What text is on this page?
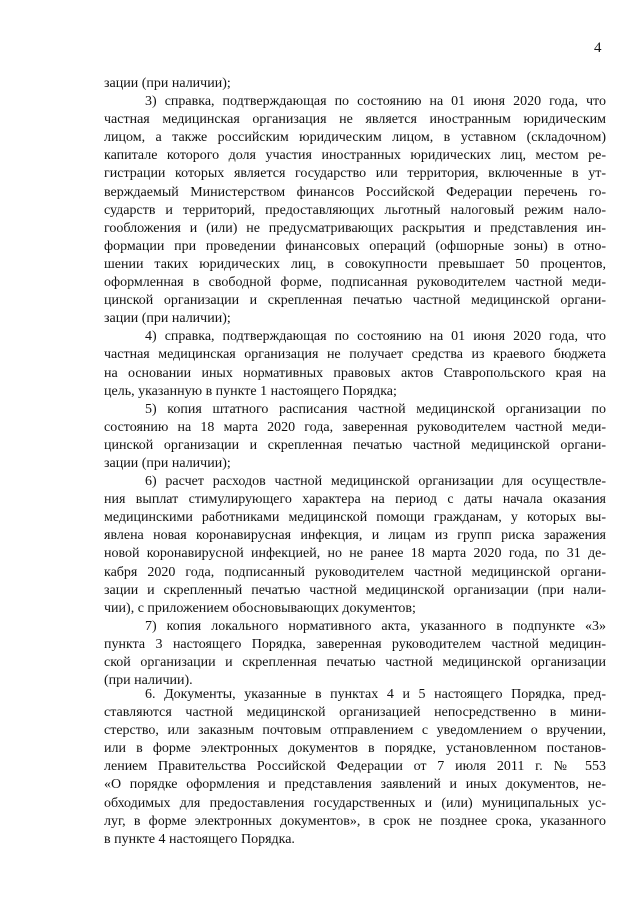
4
зации (при наличии);
3) справка, подтверждающая по состоянию на 01 июня 2020 года, что
частная медицинская организация не является иностранным юридическим
лицом, а также российским юридическим лицом, в уставном (складочном)
капитале которого доля участия иностранных юридических лиц, местом ре-
гистрации которых является государство или территория, включенные в ут-
верждаемый Министерством финансов Российской Федерации перечень го-
сударств и территорий, предоставляющих льготный налоговый режим нало-
гообложения и (или) не предусматривающих раскрытия и представления ин-
формации при проведении финансовых операций (офшорные зоны) в отно-
шении таких юридических лиц, в совокупности превышает 50 процентов,
оформленная в свободной форме, подписанная руководителем частной меди-
цинской организации и скрепленная печатью частной медицинской органи-
зации (при наличии);
4) справка, подтверждающая по состоянию на 01 июня 2020 года, что
частная медицинская организация не получает средства из краевого бюджета
на основании иных нормативных правовых актов Ставропольского края на
цель, указанную в пункте 1 настоящего Порядка;
5) копия штатного расписания частной медицинской организации по
состоянию на 18 марта 2020 года, заверенная руководителем частной меди-
цинской организации и скрепленная печатью частной медицинской органи-
зации (при наличии);
6) расчет расходов частной медицинской организации для осуществле-
ния выплат стимулирующего характера на период с даты начала оказания
медицинскими работниками медицинской помощи гражданам, у которых вы-
явлена новая коронавирусная инфекция, и лицам из групп риска заражения
новой коронавирусной инфекцией, но не ранее 18 марта 2020 года, по 31 де-
кабря 2020 года, подписанный руководителем частной медицинской органи-
зации и скрепленный печатью частной медицинской организации (при нали-
чии), с приложением обосновывающих документов;
7) копия локального нормативного акта, указанного в подпункте «3»
пункта 3 настоящего Порядка, заверенная руководителем частной медицин-
ской организации и скрепленная печатью частной медицинской организации
(при наличии).
6. Документы, указанные в пунктах 4 и 5 настоящего Порядка, пред-
ставляются частной медицинской организацией непосредственно в мини-
стерство, или заказным почтовым отправлением с уведомлением о вручении,
или в форме электронных документов в порядке, установленном постанов-
лением Правительства Российской Федерации от 7 июля 2011 г. № 553
«О порядке оформления и представления заявлений и иных документов, не-
обходимых для предоставления государственных и (или) муниципальных ус-
луг, в форме электронных документов», в срок не позднее срока, указанного
в пункте 4 настоящего Порядка.
